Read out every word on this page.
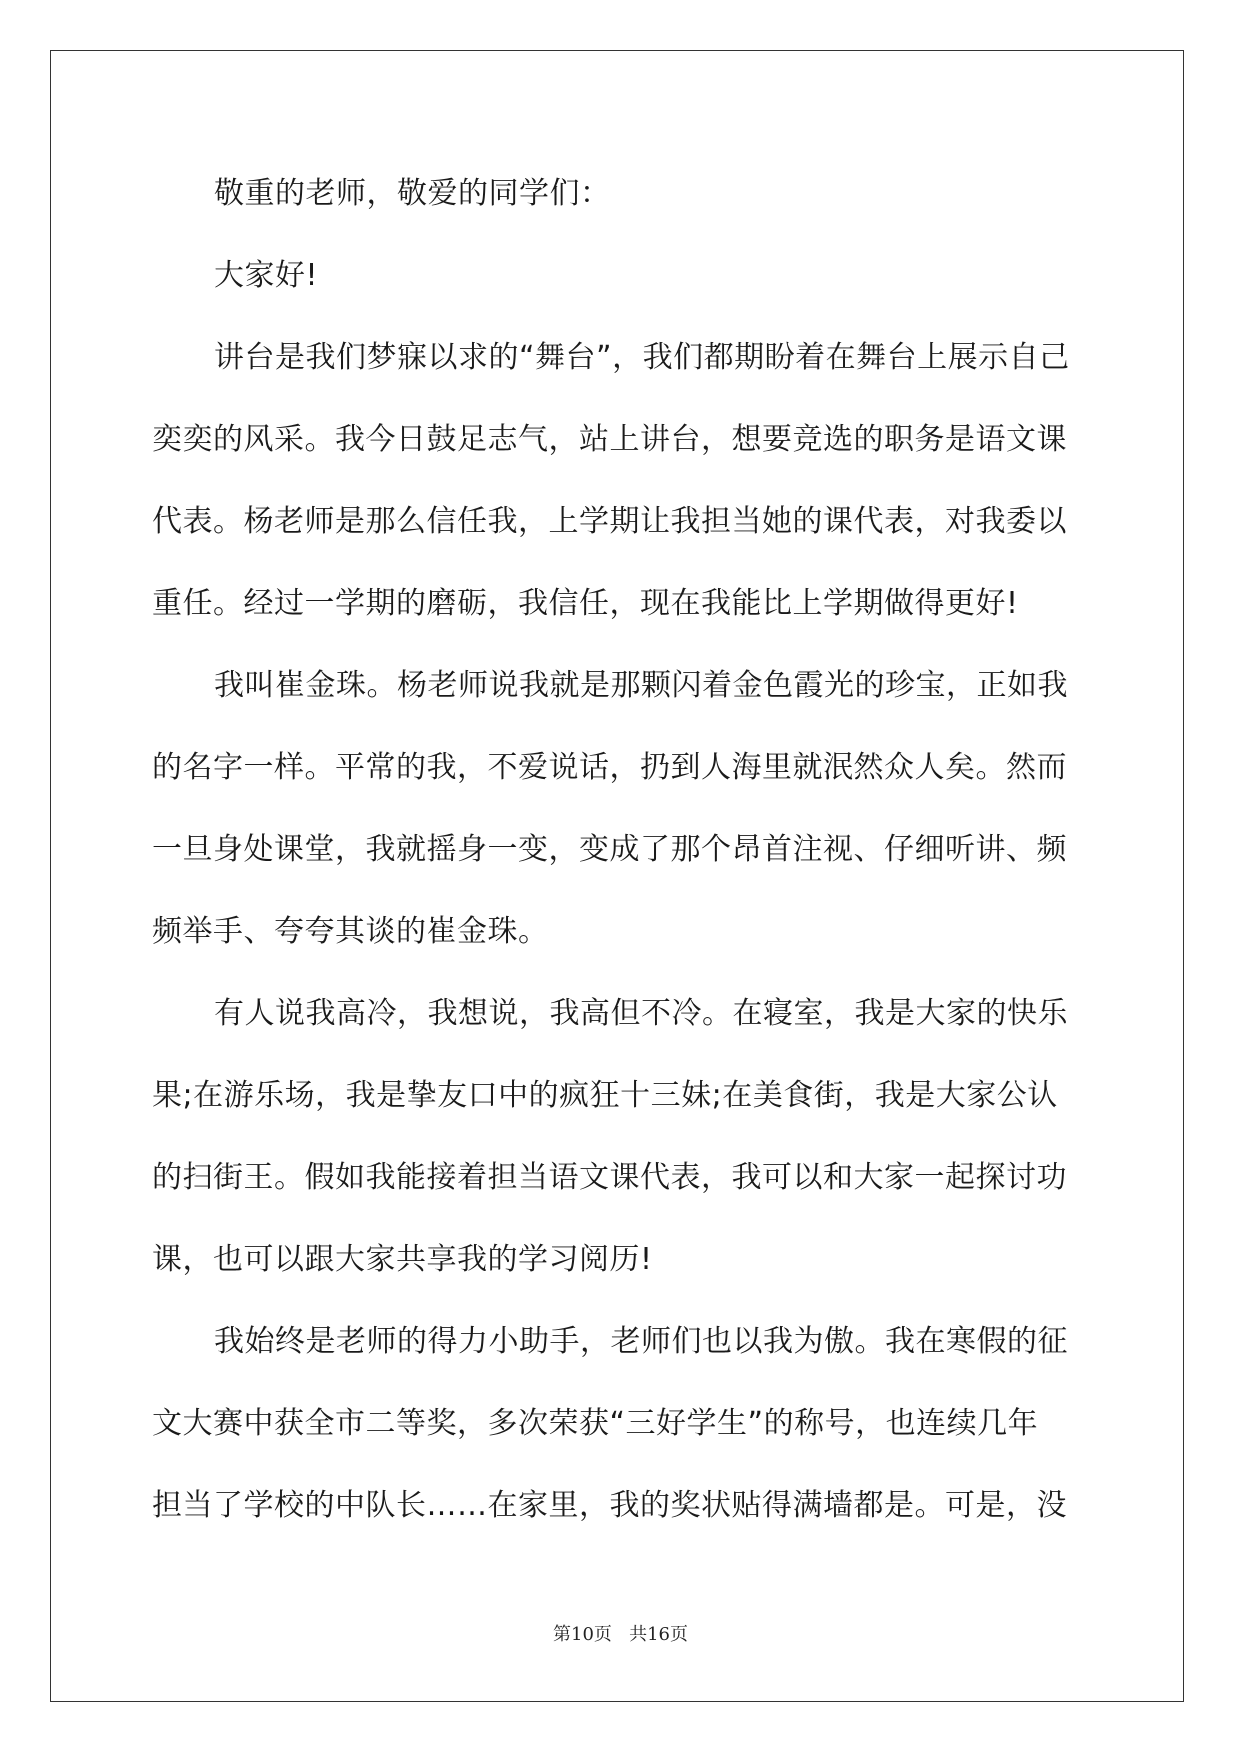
敬重的老师，敬爱的同学们：
大家好!
讲台是我们梦寐以求的“舞台”，我们都期盼着在舞台上展示自己
奕奕的风采。我今日鼓足志气，站上讲台，想要竞选的职务是语文课
代表。杨老师是那么信任我，上学期让我担当她的课代表，对我委以
重任。经过一学期的磨砺，我信任，现在我能比上学期做得更好!
我叫崔金珠。杨老师说我就是那颗闪着金色霞光的珍宝，正如我
的名字一样。平常的我，不爱说话，扔到人海里就泯然众人矣。然而
一旦身处课堂，我就摇身一变，变成了那个昂首注视、仔细听讲、频
频举手、夸夸其谈的崔金珠。
有人说我高冷，我想说，我高但不冷。在寝室，我是大家的快乐
果;在游乐场，我是挚友口中的疯狂十三妹;在美食街，我是大家公认
的扫街王。假如我能接着担当语文课代表，我可以和大家一起探讨功
课，也可以跟大家共享我的学习阅历!
我始终是老师的得力小助手，老师们也以我为傲。我在寒假的征
文大赛中获全市二等奖，多次荣获“三好学生”的称号，也连续几年
担当了学校的中队长……在家里，我的奖状贴得满墙都是。可是，没
第10页   共16页
